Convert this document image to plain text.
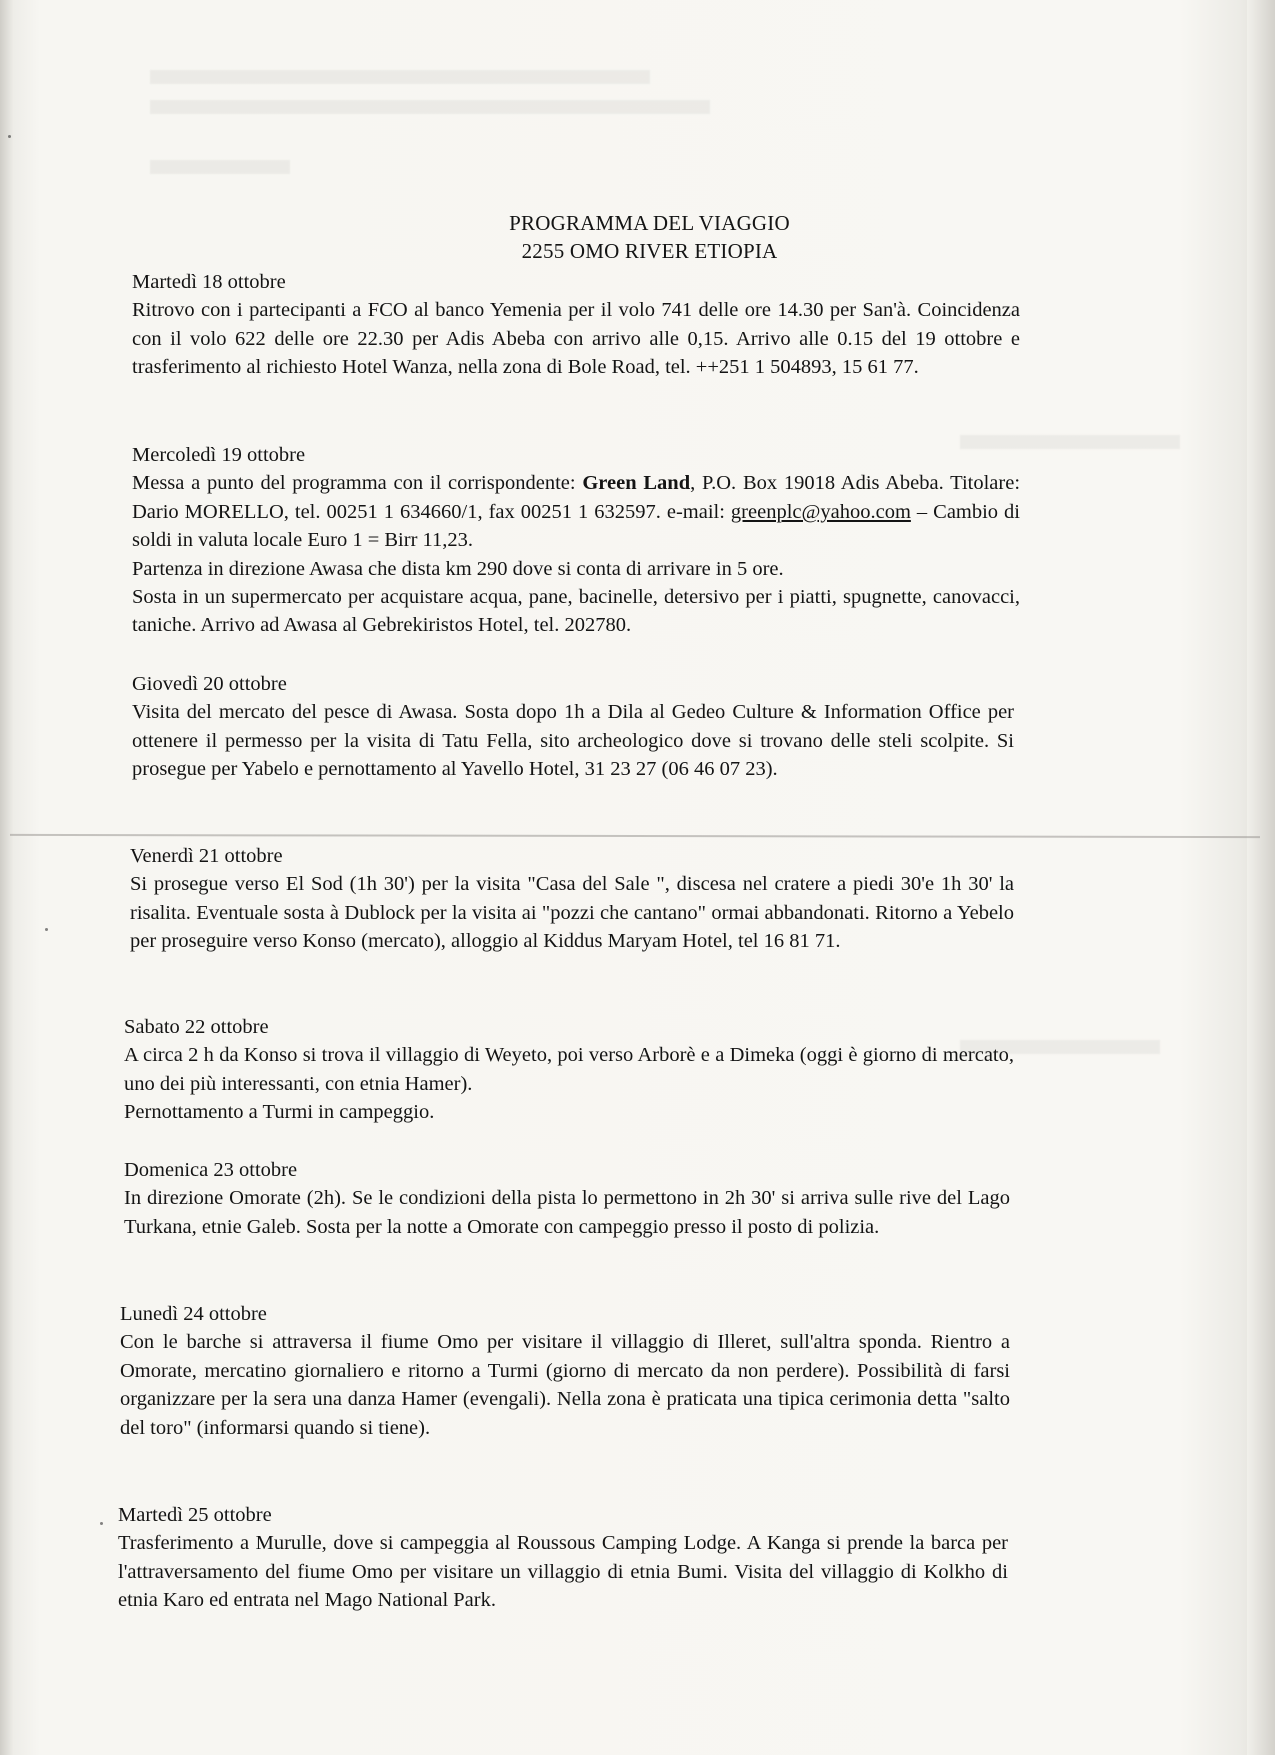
PROGRAMMA DEL VIAGGIO
2255 OMO RIVER ETIOPIA
Martedì 18 ottobre
Ritrovo con i partecipanti a FCO al banco Yemenia per il volo 741 delle ore 14.30 per San'à. Coincidenza con il volo 622 delle ore 22.30 per Adis Abeba con arrivo alle 0,15. Arrivo alle 0.15 del 19 ottobre e trasferimento al richiesto Hotel Wanza, nella zona di Bole Road, tel. ++251 1 504893, 15 61 77.
Mercoledì 19 ottobre
Messa a punto del programma con il corrispondente: Green Land, P.O. Box 19018 Adis Abeba. Titolare: Dario MORELLO, tel. 00251 1 634660/1, fax 00251 1 632597. e-mail: greenplc@yahoo.com – Cambio di soldi in valuta locale Euro 1 = Birr 11,23.
Partenza in direzione Awasa che dista km 290 dove si conta di arrivare in 5 ore.
Sosta in un supermercato per acquistare acqua, pane, bacinelle, detersivo per i piatti, spugnette, canovacci, taniche. Arrivo ad Awasa al Gebrekiristos Hotel, tel. 202780.
Giovedì 20 ottobre
Visita del mercato del pesce di Awasa. Sosta dopo 1h a Dila al Gedeo Culture & Information Office per ottenere il permesso per la visita di Tatu Fella, sito archeologico dove si trovano delle steli scolpite. Si prosegue per Yabelo e pernottamento al Yavello Hotel, 31 23 27 (06 46 07 23).
Venerdì 21 ottobre
Si prosegue verso El Sod (1h 30') per la visita "Casa del Sale ", discesa nel cratere a piedi 30'e 1h 30' la risalita. Eventuale sosta à Dublock per la visita ai "pozzi che cantano" ormai abbandonati. Ritorno a Yebelo per proseguire verso Konso (mercato), alloggio al Kiddus Maryam Hotel, tel 16 81 71.
Sabato 22 ottobre
A circa 2 h da Konso si trova il villaggio di Weyeto, poi verso Arborè e a Dimeka (oggi è giorno di mercato, uno dei più interessanti, con etnia Hamer).
Pernottamento a Turmi in campeggio.
Domenica 23 ottobre
In direzione Omorate (2h). Se le condizioni della pista lo permettono in 2h 30' si arriva sulle rive del Lago Turkana, etnie Galeb. Sosta per la notte a Omorate con campeggio presso il posto di polizia.
Lunedì 24 ottobre
Con le barche si attraversa il fiume Omo per visitare il villaggio di Illeret, sull'altra sponda. Rientro a Omorate, mercatino giornaliero e ritorno a Turmi (giorno di mercato da non perdere). Possibilità di farsi organizzare per la sera una danza Hamer (evengali). Nella zona è praticata una tipica cerimonia detta "salto del toro" (informarsi quando si tiene).
Martedì 25 ottobre
Trasferimento a Murulle, dove si campeggia al Roussous Camping Lodge. A Kanga si prende la barca per l'attraversamento del fiume Omo per visitare un villaggio di etnia Bumi. Visita del villaggio di Kolkho di etnia Karo ed entrata nel Mago National Park.
